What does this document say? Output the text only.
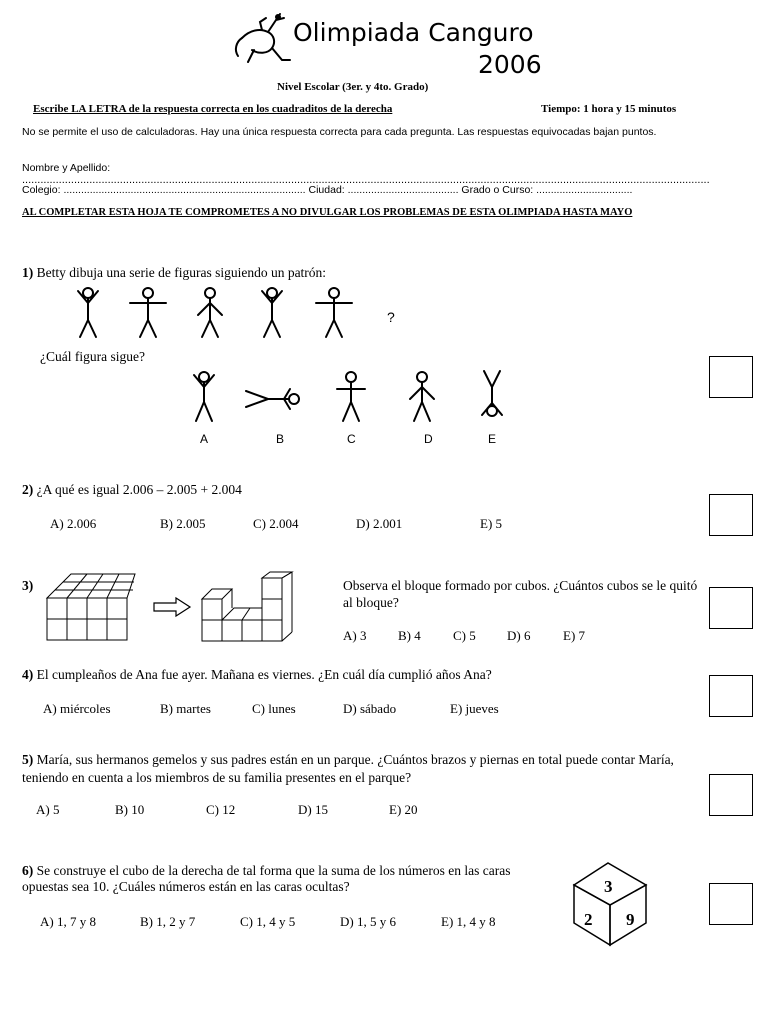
Olimpiada Canguro
2006
Nivel Escolar (3er. y 4to. Grado)
Escribe LA LETRA de la respuesta correcta en los cuadraditos de la derecha	Tiempo: 1 hora y 15 minutos
No se permite el uso de calculadoras. Hay una única respuesta correcta para cada pregunta. Las respuestas equivocadas bajan puntos.
Nombre y Apellido: .................................................................................................................................................................................................................................
Colegio: ................................................................................... Ciudad: ...................................... Grado o Curso: .................................
AL COMPLETAR ESTA HOJA TE COMPROMETES A NO DIVULGAR LOS PROBLEMAS DE ESTA OLIMPIADA HASTA MAYO
1) Betty dibuja una serie de figuras siguiendo un patrón:
?
¿Cuál figura sigue?
A	B	C	D	E
2) ¿A qué es igual 2.006 – 2.005 + 2.004
A) 2.006	B) 2.005	C) 2.004	D) 2.001	E) 5
3)	Observa el bloque formado por cubos. ¿Cuántos cubos se le quitó al bloque?
A) 3 B) 4 C) 5 D) 6	E) 7
4) El cumpleaños de Ana fue ayer. Mañana es viernes. ¿En cuál día cumplió años Ana?
A) miércoles	B) martes	C) lunes	D) sábado	E) jueves
5) María, sus hermanos gemelos y sus padres están en un parque. ¿Cuántos brazos y piernas en total puede contar María, teniendo en cuenta a los miembros de su familia presentes en el parque?
A) 5	B) 10	C) 12	D) 15	E) 20
6) Se construye el cubo de la derecha de tal forma que la suma de los números en las caras opuestas sea 10. ¿Cuáles números están en las caras ocultas?
A) 1, 7 y 8	B) 1, 2 y 7	C) 1, 4 y 5	D) 1, 5 y 6	E) 1, 4 y 8
3
2 9
